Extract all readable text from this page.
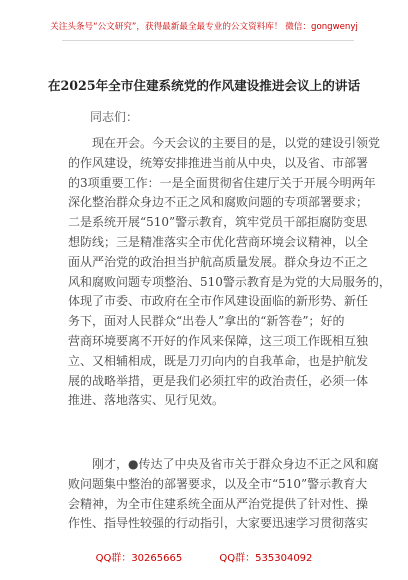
关注头条号“公文研究”，获得最新最全最专业的公文资料库！ 微信：gongwenyj
在2025年全市住建系统党的作风建设推进会议上的讲话
同志们：
现在开会。今天会议的主要目的是，以党的建设引领党
的作风建设，统筹安排推进当前从中央，以及省、市部署
的3项重要工作：一是全面贯彻省住建厅关于开展今明两年
深化整治群众身边不正之风和腐败问题的专项部署要求；
二是系统开展“510”警示教育，筑牢党员干部拒腐防变思
想防线；三是精准落实全市优化营商环境会议精神，以全
面从严治党的政治担当护航高质量发展。群众身边不正之
风和腐败问题专项整治、510警示教育是为党的大局服务的，
体现了市委、市政府在全市作风建设面临的新形势、新任
务下，面对人民群众“出卷人”拿出的“新答卷”；好的
营商环境要离不开好的作风来保障，这三项工作既相互独
立、又相辅相成，既是刀刃向内的自我革命，也是护航发
展的战略举措，更是我们必须扛牢的政治责任，必须一体
推进、落地落实、见行见效。
刚才，●传达了中央及省市关于群众身边不正之风和腐
败问题集中整治的部署要求，以及全市“510”警示教育大
会精神，为全市住建系统全面从严治党提供了针对性、操
作性、指导性较强的行动指引，大家要迅速学习贯彻落实
QQ群：30265665	QQ群：535304092
